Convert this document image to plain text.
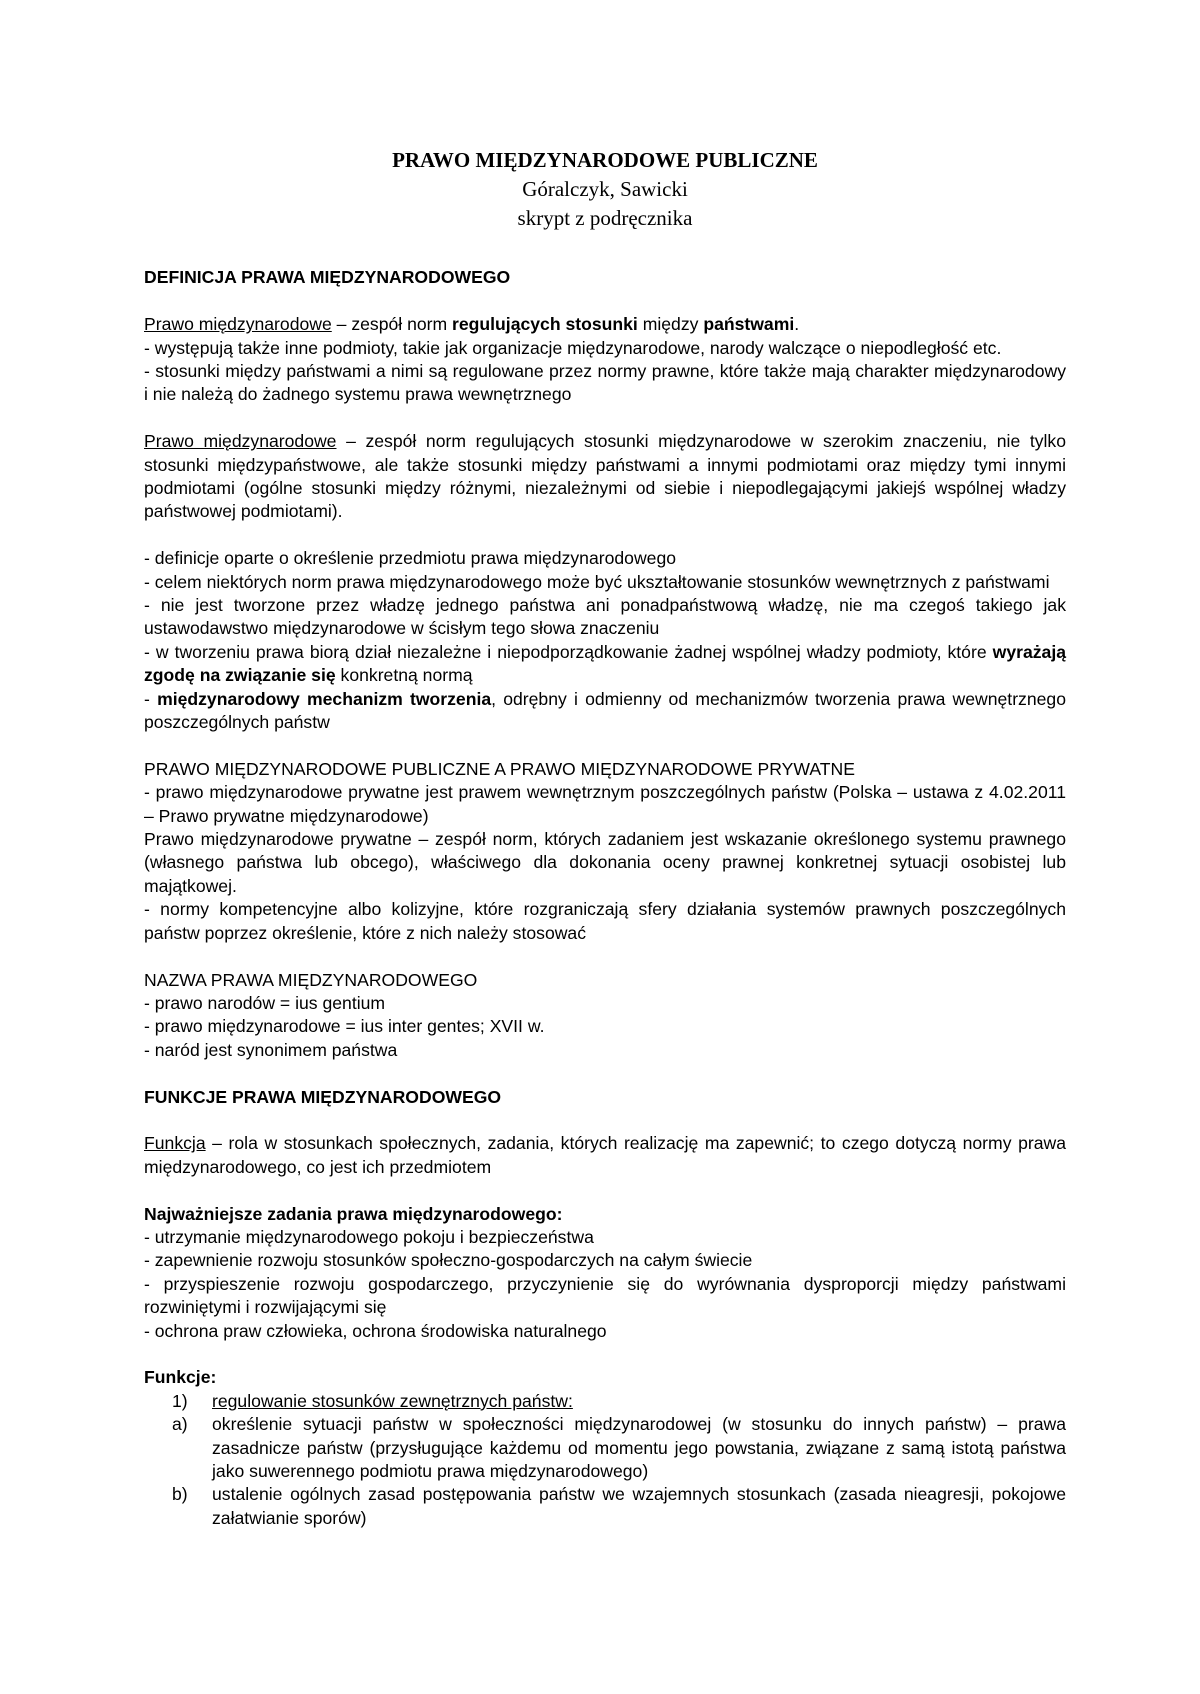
PRAWO MIĘDZYNARODOWE PUBLICZNE
Góralczyk, Sawicki
skrypt z podręcznika

DEFINICJA PRAWA MIĘDZYNARODOWEGO

Prawo międzynarodowe – zespół norm regulujących stosunki między państwami.

- występują także inne podmioty, takie jak organizacje międzynarodowe, narody walczące o niepodległość etc.

- stosunki między państwami a nimi są regulowane przez normy prawne, które także mają charakter międzynarodowy i nie należą do żadnego systemu prawa wewnętrznego

Prawo międzynarodowe – zespół norm regulujących stosunki międzynarodowe w szerokim znaczeniu, nie tylko stosunki międzypaństwowe, ale także stosunki między państwami a innymi podmiotami oraz między tymi innymi podmiotami (ogólne stosunki między różnymi, niezależnymi od siebie i niepodlegającymi jakiejś wspólnej władzy państwowej podmiotami).

- definicje oparte o określenie przedmiotu prawa międzynarodowego

- celem niektórych norm prawa międzynarodowego może być ukształtowanie stosunków wewnętrznych z państwami

- nie jest tworzone przez władzę jednego państwa ani ponadpaństwową władzę, nie ma czegoś takiego jak ustawodawstwo międzynarodowe w ścisłym tego słowa znaczeniu

- w tworzeniu prawa biorą dział niezależne i niepodporządkowanie żadnej wspólnej władzy podmioty, które wyrażają zgodę na związanie się konkretną normą

- międzynarodowy mechanizm tworzenia, odrębny i odmienny od mechanizmów tworzenia prawa wewnętrznego poszczególnych państw

PRAWO MIĘDZYNARODOWE PUBLICZNE A PRAWO MIĘDZYNARODOWE PRYWATNE

- prawo międzynarodowe prywatne jest prawem wewnętrznym poszczególnych państw (Polska – ustawa z 4.02.2011 – Prawo prywatne międzynarodowe)

Prawo międzynarodowe prywatne – zespół norm, których zadaniem jest wskazanie określonego systemu prawnego (własnego państwa lub obcego), właściwego dla dokonania oceny prawnej konkretnej sytuacji osobistej lub majątkowej.

- normy kompetencyjne albo kolizyjne, które rozgraniczają sfery działania systemów prawnych poszczególnych państw poprzez określenie, które z nich należy stosować

NAZWA PRAWA MIĘDZYNARODOWEGO

- prawo narodów = ius gentium

- prawo międzynarodowe = ius inter gentes; XVII w.

- naród jest synonimem państwa

FUNKCJE PRAWA MIĘDZYNARODOWEGO

Funkcja – rola w stosunkach społecznych, zadania, których realizację ma zapewnić; to czego dotyczą normy prawa międzynarodowego, co jest ich przedmiotem

Najważniejsze zadania prawa międzynarodowego:

- utrzymanie międzynarodowego pokoju i bezpieczeństwa

- zapewnienie rozwoju stosunków społeczno-gospodarczych na całym świecie

- przyspieszenie rozwoju gospodarczego, przyczynienie się do wyrównania dysproporcji między państwami rozwiniętymi i rozwijającymi się

- ochrona praw człowieka, ochrona środowiska naturalnego

Funkcje:

1)	regulowanie stosunków zewnętrznych państw:
a)	określenie sytuacji państw w społeczności międzynarodowej (w stosunku do innych państw) – prawa zasadnicze państw (przysługujące każdemu od momentu jego powstania, związane z samą istotą państwa jako suwerennego podmiotu prawa międzynarodowego)
b)	ustalenie ogólnych zasad postępowania państw we wzajemnych stosunkach (zasada nieagresji, pokojowe załatwianie sporów)
